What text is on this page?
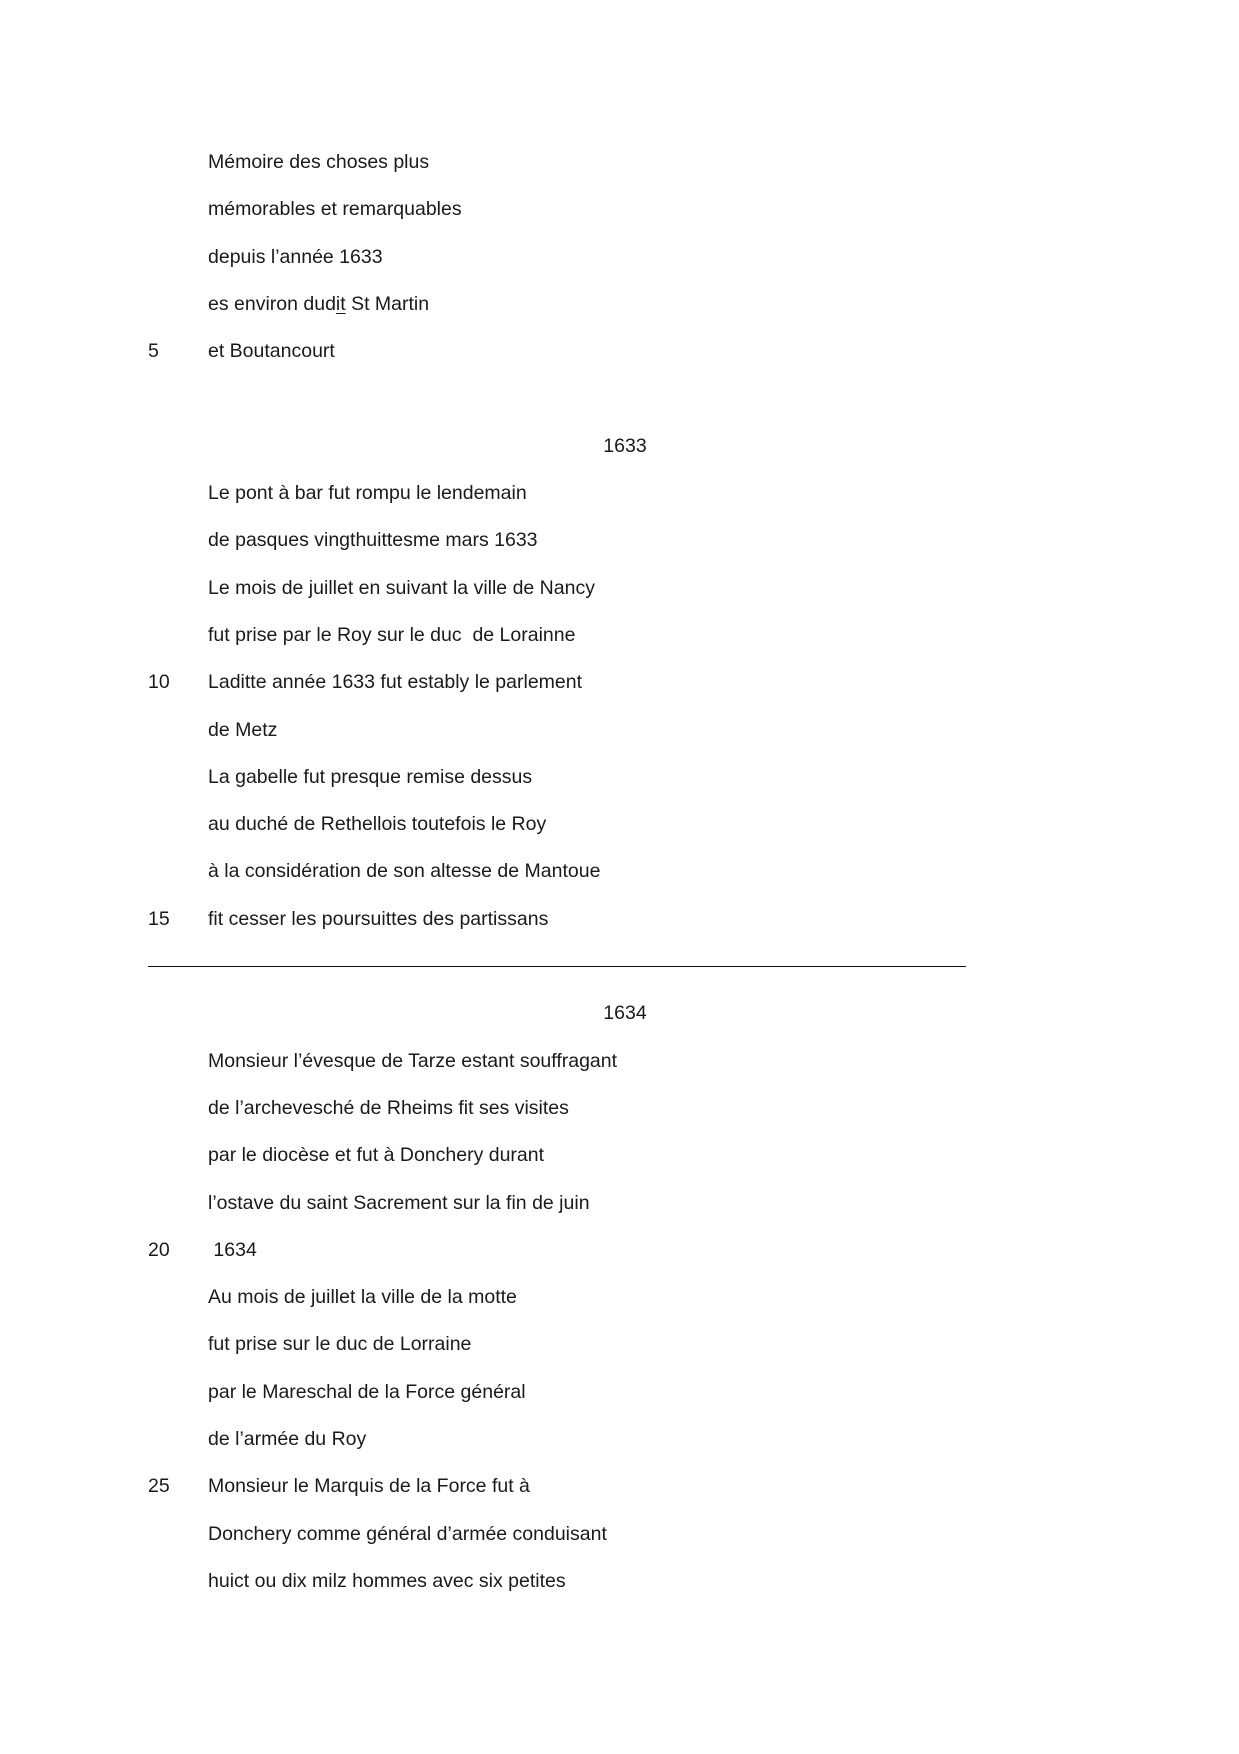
Mémoire des choses plus
mémorables et remarquables
depuis l’année 1633
es environ dudit St Martin
5	et Boutancourt
1633
Le pont à bar fut rompu le lendemain
de pasques vingthuittesme mars 1633
Le mois de juillet en suivant la ville de Nancy
fut prise par le Roy sur le duc  de Lorainne
10 Laditte année 1633 fut estably le parlement
de Metz
La gabelle fut presque remise dessus
au duché de Rethellois toutefois le Roy
à la considération de son altesse de Mantoue
15 fit cesser les poursuittes des partissans
1634
Monsieur l’évesque de Tarze estant souffragant
de l’archevesché de Rheims fit ses visites
par le diocèse et fut à Donchery durant
l’ostave du saint Sacrement sur la fin de juin
20 1634
Au mois de juillet la ville de la motte
fut prise sur le duc de Lorraine
par le Mareschal de la Force général
de l’armée du Roy
25 Monsieur le Marquis de la Force fut à
Donchery comme général d’armée conduisant
huict ou dix milz hommes avec six petites
